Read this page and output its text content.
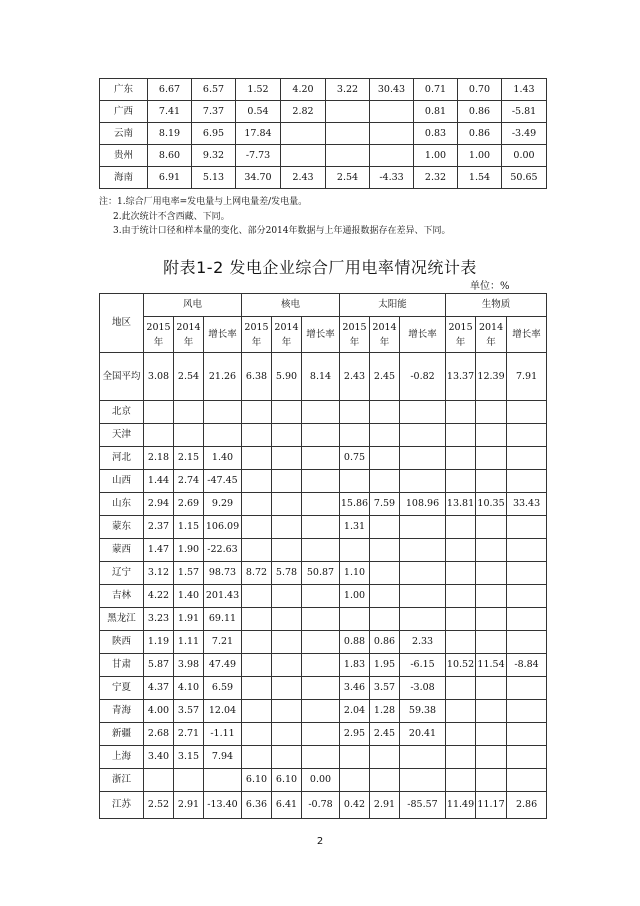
广东	6.67	6.57	1.52	4.20	3.22	30.43	0.71	0.70	1.43
广西	7.41	7.37	0.54	2.82			0.81	0.86	-5.81
云南	8.19	6.95	17.84				0.83	0.86	-3.49
贵州	8.60	9.32	-7.73				1.00	1.00	0.00
海南	6.91	5.13	34.70	2.43	2.54	-4.33	2.32	1.54	50.65
注：1.综合厂用电率=发电量与上网电量差/发电量。
2.此次统计不含西藏、下同。
3.由于统计口径和样本量的变化、部分2014年数据与上年通报数据存在差异、下同。
附表1-2 发电企业综合厂用电率情况统计表
单位：%
地区	风电			核电			太阳能			生物质		
	2015年	2014年	增长率	2015年	2014年	增长率	2015年	2014年	增长率	2015年	2014年	增长率
全国平均	3.08	2.54	21.26	6.38	5.90	8.14	2.43	2.45	-0.82	13.37	12.39	7.91
北京												
天津												
河北	2.18	2.15	1.40				0.75					
山西	1.44	2.74	-47.45									
山东	2.94	2.69	9.29				15.86	7.59	108.96	13.81	10.35	33.43
蒙东	2.37	1.15	106.09				1.31					
蒙西	1.47	1.90	-22.63									
辽宁	3.12	1.57	98.73	8.72	5.78	50.87	1.10					
吉林	4.22	1.40	201.43				1.00					
黑龙江	3.23	1.91	69.11									
陕西	1.19	1.11	7.21				0.88	0.86	2.33			
甘肃	5.87	3.98	47.49				1.83	1.95	-6.15	10.52	11.54	-8.84
宁夏	4.37	4.10	6.59				3.46	3.57	-3.08			
青海	4.00	3.57	12.04				2.04	1.28	59.38			
新疆	2.68	2.71	-1.11				2.95	2.45	20.41			
上海	3.40	3.15	7.94									
浙江				6.10	6.10	0.00						
江苏	2.52	2.91	-13.40	6.36	6.41	-0.78	0.42	2.91	-85.57	11.49	11.17	2.86
2
